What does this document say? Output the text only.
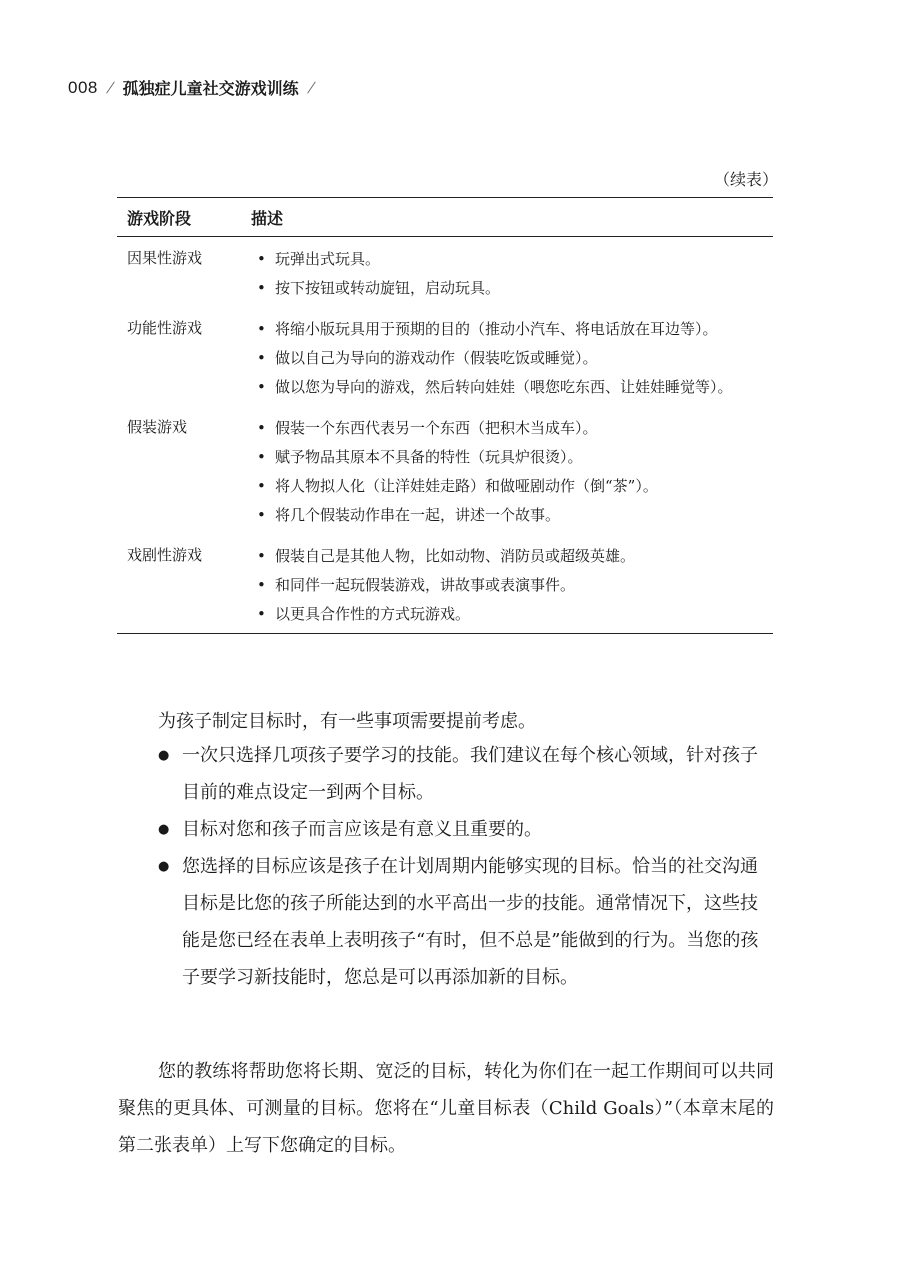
008 / 孤独症儿童社交游戏训练 /
（续表）
游戏阶段	描述
因果性游戏	• 玩弹出式玩具。
• 按下按钮或转动旋钮，启动玩具。
功能性游戏	• 将缩小版玩具用于预期的目的（推动小汽车、将电话放在耳边等）。
• 做以自己为导向的游戏动作（假装吃饭或睡觉）。
• 做以您为导向的游戏，然后转向娃娃（喂您吃东西、让娃娃睡觉等）。
假装游戏	• 假装一个东西代表另一个东西（把积木当成车）。
• 赋予物品其原本不具备的特性（玩具炉很烫）。
• 将人物拟人化（让洋娃娃走路）和做哑剧动作（倒“茶”）。
• 将几个假装动作串在一起，讲述一个故事。
戏剧性游戏	• 假装自己是其他人物，比如动物、消防员或超级英雄。
• 和同伴一起玩假装游戏，讲故事或表演事件。
• 以更具合作性的方式玩游戏。
为孩子制定目标时，有一些事项需要提前考虑。
● 一次只选择几项孩子要学习的技能。我们建议在每个核心领域，针对孩子目前的难点设定一到两个目标。
● 目标对您和孩子而言应该是有意义且重要的。
● 您选择的目标应该是孩子在计划周期内能够实现的目标。恰当的社交沟通目标是比您的孩子所能达到的水平高出一步的技能。通常情况下，这些技能是您已经在表单上表明孩子“有时，但不总是”能做到的行为。当您的孩子要学习新技能时，您总是可以再添加新的目标。
您的教练将帮助您将长期、宽泛的目标，转化为你们在一起工作期间可以共同聚焦的更具体、可测量的目标。您将在“儿童目标表（Child Goals）”（本章末尾的第二张表单）上写下您确定的目标。
